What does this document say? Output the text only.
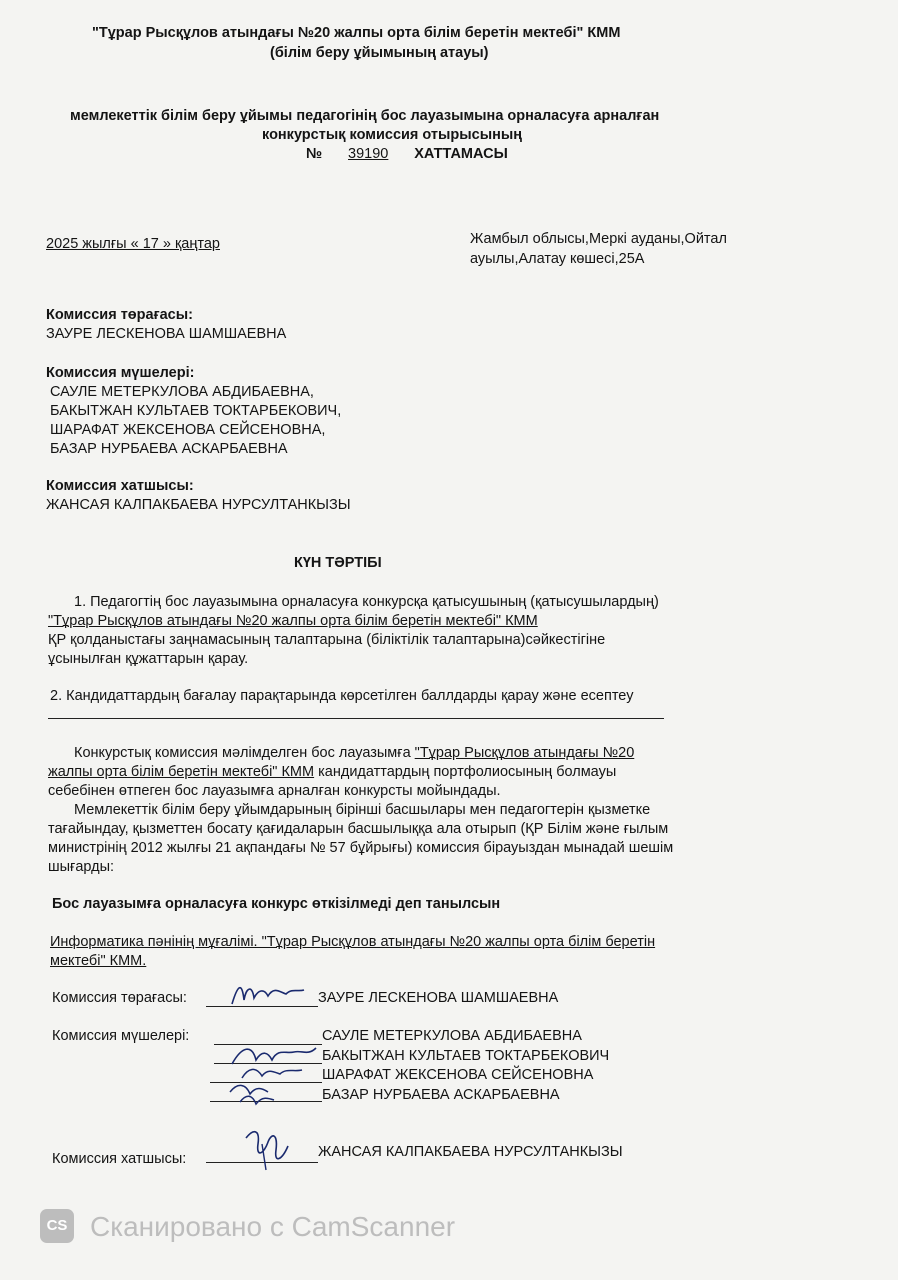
"Тұрар Рысқұлов атындағы №20 жалпы орта білім беретін мектебі" КММ
(білім беру ұйымының атауы)
мемлекеттік білім беру ұйымы педагогінің бос лауазымына орналасуға арналған
конкурстық комиссия отырысының
№ 39190 ХАТТАМАСЫ
2025 жылғы « 17 » қаңтар	Жамбыл облысы,Меркі ауданы,Ойтал
ауылы,Алатау көшесі,25А
Комиссия төрағасы:
ЗАУРЕ ЛЕСКЕНОВА ШАМШАЕВНА
Комиссия мүшелері:
САУЛЕ МЕТЕРКУЛОВА АБДИБАЕВНА,
БАКЫТЖАН КУЛЬТАЕВ ТОКТАРБЕКОВИЧ,
ШАРАФАТ ЖЕКСЕНОВА СЕЙСЕНОВНА,
БАЗАР НУРБАЕВА АСКАРБАЕВНА
Комиссия хатшысы:
ЖАНСАЯ КАЛПАКБАЕВА НУРСУЛТАНКЫЗЫ
КҮН ТӘРТІБІ
1. Педагогтің бос лауазымына орналасуға конкурсқа қатысушының (қатысушылардың)
"Тұрар Рысқұлов атындағы №20 жалпы орта білім беретін мектебі" КММ
ҚР қолданыстағы заңнамасының талаптарына (біліктілік талаптарына)сәйкестігіне
ұсынылған құжаттарын қарау.
2. Кандидаттардың бағалау парақтарында көрсетілген баллдарды қарау және есептеу
Конкурстық комиссия мәлімделген бос лауазымға "Тұрар Рысқұлов атындағы №20
жалпы орта білім беретін мектебі" КММ кандидаттардың портфолиосының болмауы
себебінен өтпеген бос лауазымға арналған конкурсты мойындады.
Мемлекеттік білім беру ұйымдарының бірінші басшылары мен педагогтерін қызметке
тағайындау, қызметтен босату қағидаларын басшылыққа ала отырып (ҚР Білім және ғылым
министрінің 2012 жылғы 21 ақпандағы № 57 бұйрығы) комиссия бірауыздан мынадай шешім
шығарды:
Бос лауазымға орналасуға конкурс өткізілмеді деп танылсын
Информатика пәнінің мұғалімі. "Тұрар Рысқұлов атындағы №20 жалпы орта білім беретін
мектебі" КММ.
Комиссия төрағасы:	ЗАУРЕ ЛЕСКЕНОВА ШАМШАЕВНА
Комиссия мүшелері:	САУЛЕ МЕТЕРКУЛОВА АБДИБАЕВНА
БАКЫТЖАН КУЛЬТАЕВ ТОКТАРБЕКОВИЧ
ШАРАФАТ ЖЕКСЕНОВА СЕЙСЕНОВНА
БАЗАР НУРБАЕВА АСКАРБАЕВНА
Комиссия хатшысы:	ЖАНСАЯ КАЛПАКБАЕВА НУРСУЛТАНКЫЗЫ
CS Сканировано с CamScanner
